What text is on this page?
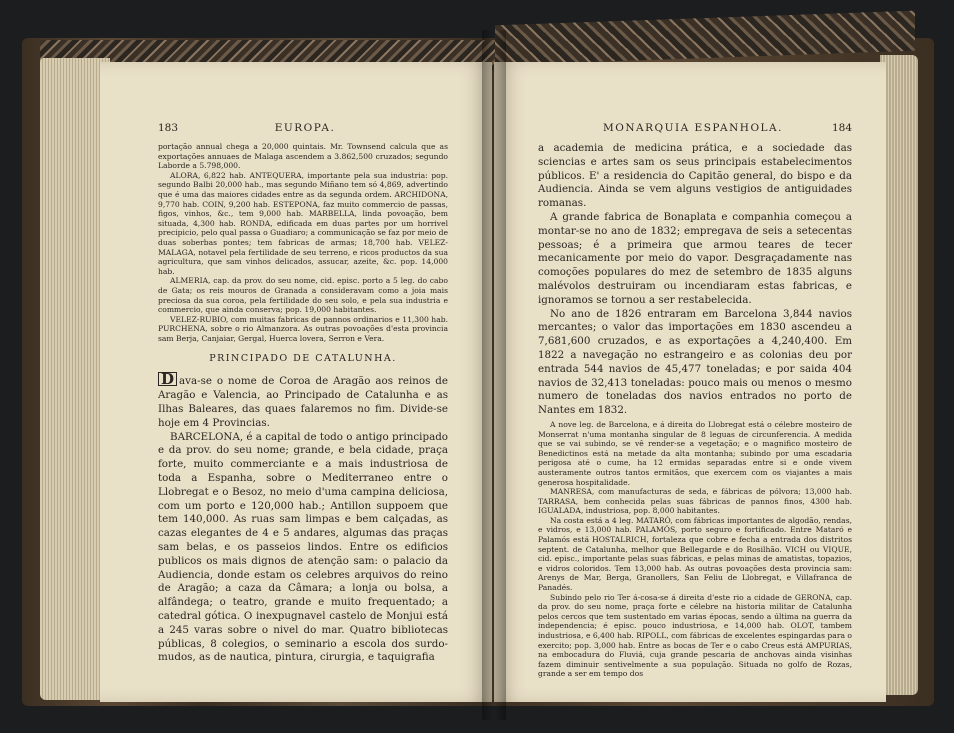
183	EUROPA.

portação annual chega a 20,000 quintais. Mr. Townsend calcula que as exportações annuaes de Malaga ascendem a 3.862,500 cruzados; segundo Laborde a 5.798,000.

ALORA, 6,822 hab. ANTEQUERA, importante pela sua industria: pop. segundo Balbi 20,000 hab., mas segundo Miñano tem só 4,869, advertindo que é uma das maiores cidades entre as da segunda ordem. ARCHIDONA, 9,770 hab. COIN, 9,200 hab. ESTEPONA, faz muito commercio de passas, figos, vinhos, &c., tem 9,000 hab. MARBELLA, linda povoação, bem situada, 4,300 hab. RONDA, edificada em duas partes por um horrivel precipicio, pelo qual passa o Guadiaro; a communicação se faz por meio de duas soberbas pontes; tem fabricas de armas; 18,700 hab. VELEZ-MALAGA, notavel pela fertilidade de seu terreno, e ricos productos da sua agricultura, que sam vinhos delicados, assucar, azeite, &c. pop. 14,000 hab.

ALMERIA, cap. da prov. do seu nome, cid. episc. porto a 5 leg. do cabo de Gata; os reis mouros de Granada a consideravam como a joia mais preciosa da sua coroa, pela fertilidade do seu solo, e pela sua industria e commercio, que ainda conserva; pop. 19,000 habitantes.

VELEZ-RUBIO, com muitas fabricas de pannos ordinarios e 11,300 hab. PURCHENA, sobre o rio Almanzora. As outras povoações d'esta provincia sam Berja, Canjaiar, Gergal, Huerca lovera, Serron e Vera.

PRINCIPADO DE CATALUNHA.

D ava-se o nome de Coroa de Aragão aos reinos de Aragão e Valencia, ao Principado de Catalunha e as Ilhas Baleares, das quaes falaremos no fim. Divide-se hoje em 4 Provincias.

BARCELONA, é a capital de todo o antigo principado e da prov. do seu nome; grande, e bela cidade, praça forte, muito commerciante e a mais industriosa de toda a Espanha, sobre o Mediterraneo entre o Llobregat e o Besoz, no meio d'uma campina deliciosa, com um porto e 120,000 hab.; Antillon suppoem que tem 140,000. As ruas sam limpas e bem calçadas, as cazas elegantes de 4 e 5 andares, algumas das praças sam belas, e os passeios lindos. Entre os edificios publicos os mais dignos de atenção sam: o palacio da Audiencia, donde estam os celebres arquivos do reino de Aragão; a caza da Câmara; a lonja ou bolsa, a alfândega; o teatro, grande e muito frequentado; a catedral gótica. O inexpugnavel castelo de Monjui está a 245 varas sobre o nivel do mar. Quatro bibliotecas públicas, 8 colegios, o seminario a escola dos surdo-mudos, as de nautica, pintura, cirurgia, e taquigrafia

MONARQUIA ESPANHOLA.	184

a academia de medicina prática, e a sociedade das sciencias e artes sam os seus principais estabelecimentos públicos. E' a residencia do Capitão general, do bispo e da Audiencia. Ainda se vem alguns vestigios de antiguidades romanas.

A grande fabrica de Bonaplata e companhia começou a montar-se no ano de 1832; empregava de seis a setecentas pessoas; é a primeira que armou teares de tecer mecanicamente por meio do vapor. Desgraçadamente nas comoções populares do mez de setembro de 1835 alguns malévolos destruiram ou incendiaram estas fabricas, e ignoramos se tornou a ser restabelecida.

No ano de 1826 entraram em Barcelona 3,844 navios mercantes; o valor das importações em 1830 ascendeu a 7,681,600 cruzados, e as exportações a 4,240,400. Em 1822 a navegação no estrangeiro e as colonias deu por entrada 544 navios de 45,477 toneladas; e por saida 404 navios de 32,413 toneladas: pouco mais ou menos o mesmo numero de toneladas dos navios entrados no porto de Nantes em 1832.

A nove leg. de Barcelona, e á direita do Llobregat está o célebre mosteiro de Monserrat n'uma montanha singular de 8 leguas de circunferencia. A medida que se vai subindo, se vê render-se a vegetação; e o magnifico mosteiro de Benedictinos está na metade da alta montanha; subindo por uma escadaria perigosa até o cume, ha 12 ermidas separadas entre si e onde vivem austeramente outros tantos ermitãos, que exercem com os viajantes a mais generosa hospitalidade.

MANRESA, com manufacturas de seda, e fábricas de pólvora; 13,000 hab. TARRASA, bem conhecida pelas suas fábricas de pannos finos, 4300 hab. IGUALADA, industriosa, pop. 8,000 habitantes.

Na costa está a 4 leg. MATARÓ, com fábricas importantes de algodão, rendas, e vidros, e 13,000 hab. PALAMÓS, porto seguro e fortificado. Entre Mataró e Palamós está HOSTALRICH, fortaleza que cobre e fecha a entrada dos distritos septent. de Catalunha, melhor que Bellegarde e do Rosilhão. VICH ou VIQUE, cid. episc., importante pelas suas fábricas, e pelas minas de amatistas, topazios, e vidros coloridos. Tem 13,000 hab. As outras povoações desta provincia sam: Arenys de Mar, Berga, Granollers, San Feliu de Llobregat, e Villafranca de Panadés.

Subindo pelo rio Ter á-cosa-se á direita d'este rio a cidade de GERONA, cap. da prov. do seu nome, praça forte e célebre na historia militar de Catalunha pelos cercos que tem sustentado em varias épocas, sendo a última na guerra da independencia; é episc. pouco industriosa, e 14,000 hab. OLOT, tambem industriosa, e 6,400 hab. RIPOLL, com fábricas de excelentes espingardas para o exercito; pop. 3,000 hab. Entre as bocas de Ter e o cabo Creus está AMPURIAS, na embocadura do Fluviá, cuja grande pescaria de anchovas ainda visinhas fazem diminuir sentivelmente a sua população. Situada no golfo de Rozas, grande a ser em tempo dos
